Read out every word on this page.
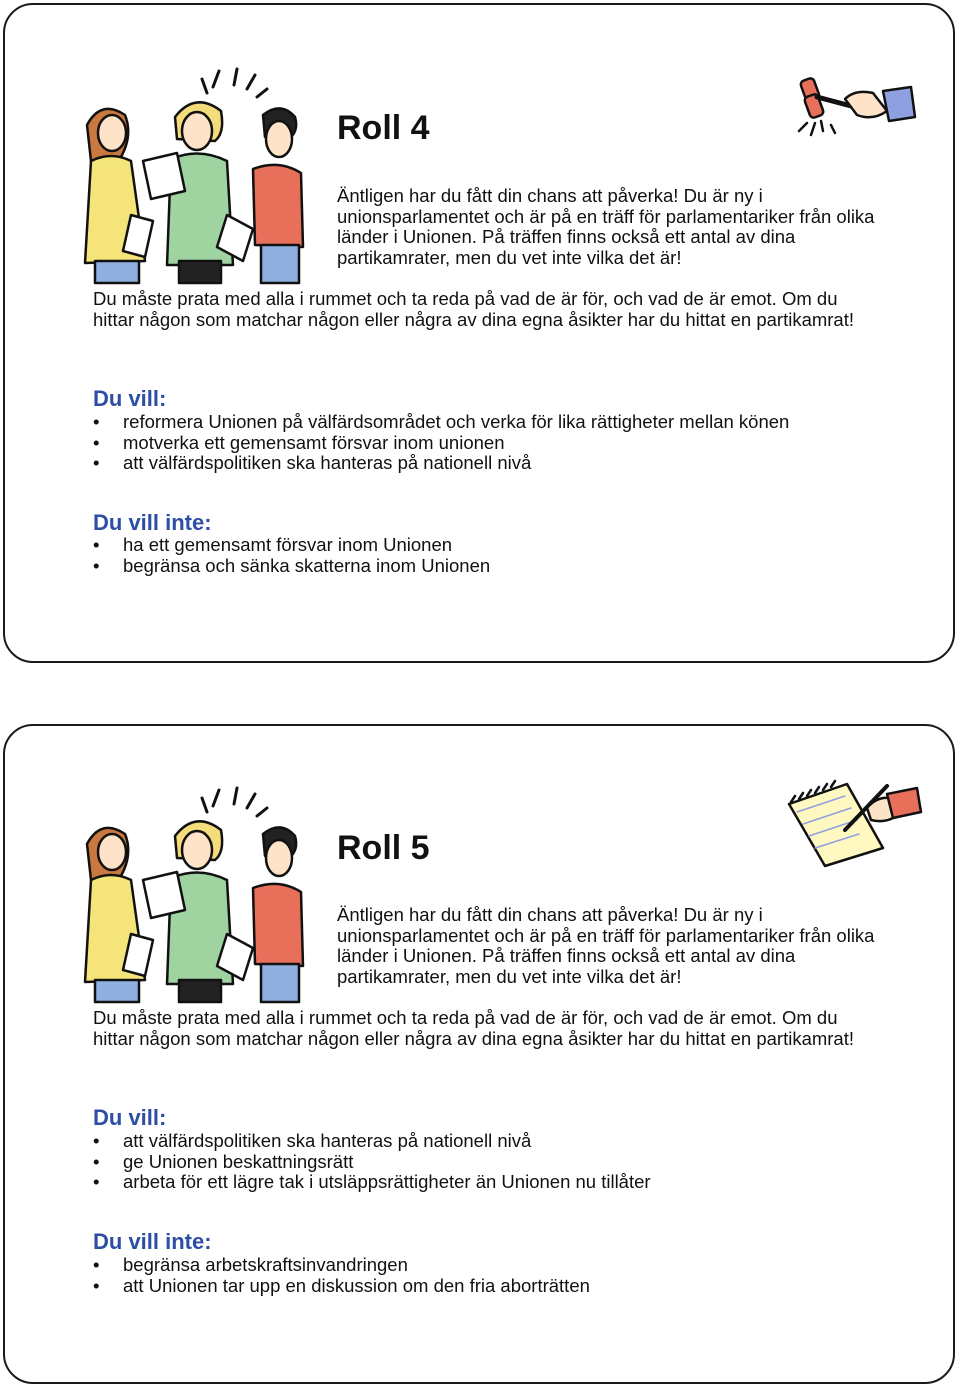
Roll 4

Äntligen har du fått din chans att påverka! Du är ny i unionsparlamentet och är på en träff för parlamentariker från olika länder i Unionen. På träffen finns också ett antal av dina partikamrater, men du vet inte vilka det är!

Du måste prata med alla i rummet och ta reda på vad de är för, och vad de är emot. Om du hittar någon som matchar någon eller några av dina egna åsikter har du hittat en partikamrat!

Du vill:
• reformera Unionen på välfärdsområdet och verka för lika rättigheter mellan könen
• motverka ett gemensamt försvar inom unionen
• att välfärdspolitiken ska hanteras på nationell nivå
Du vill inte:
• ha ett gemensamt försvar inom Unionen
• begränsa och sänka skatterna inom Unionen
Roll 5

Äntligen har du fått din chans att påverka! Du är ny i unionsparlamentet och är på en träff för parlamentariker från olika länder i Unionen. På träffen finns också ett antal av dina partikamrater, men du vet inte vilka det är!

Du måste prata med alla i rummet och ta reda på vad de är för, och vad de är emot. Om du hittar någon som matchar någon eller några av dina egna åsikter har du hittat en partikamrat!

Du vill:
• att välfärdspolitiken ska hanteras på nationell nivå
• ge Unionen beskattningsrätt
• arbeta för ett lägre tak i utsläppsrättigheter än Unionen nu tillåter
Du vill inte:
• begränsa arbetskraftsinvandringen
• att Unionen tar upp en diskussion om den fria aborträtten
